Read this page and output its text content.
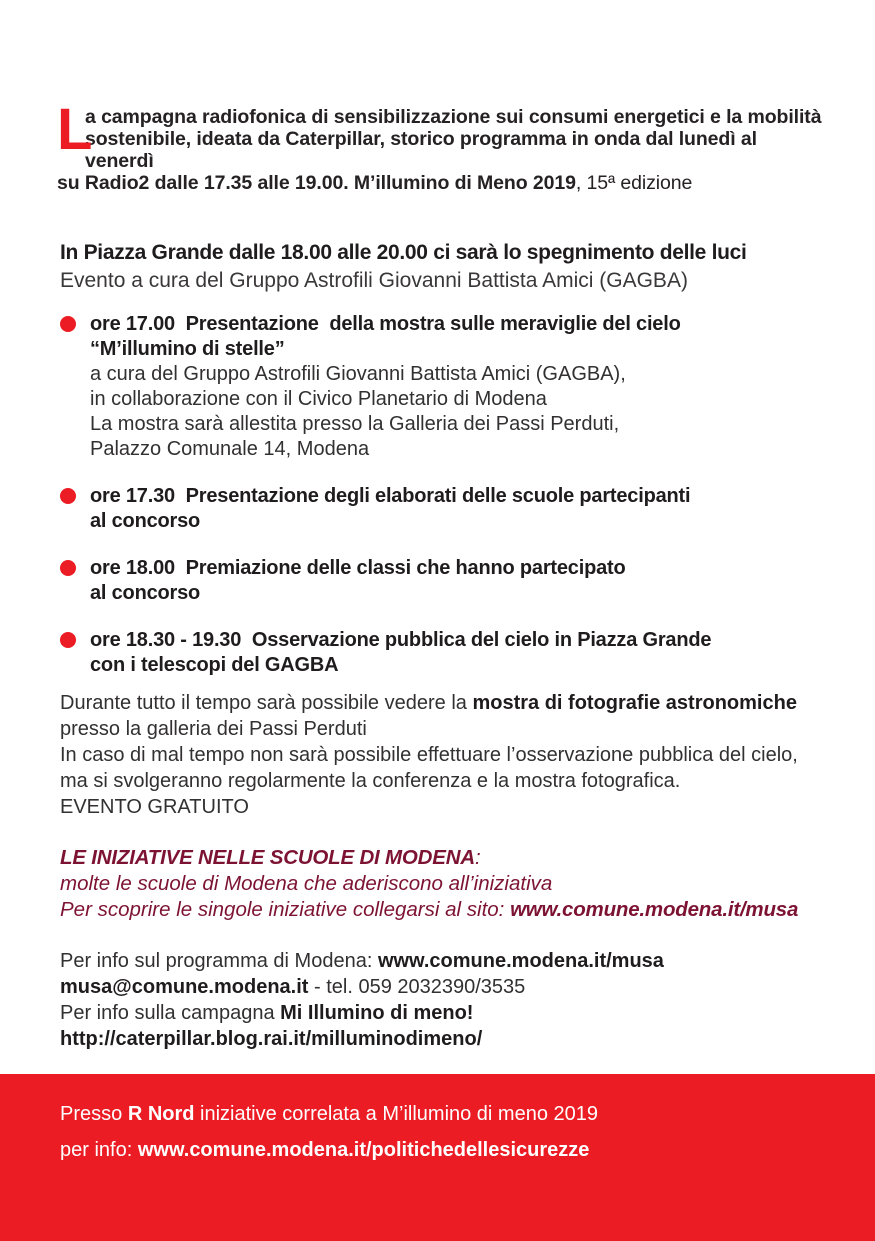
L
a campagna radiofonica di sensibilizzazione sui consumi energetici e la mobilità
sostenibile, ideata da Caterpillar, storico programma in onda dal lunedì al venerdì
su Radio2 dalle 17.35 alle 19.00. M’illumino di Meno 2019, 15ª edizione
In Piazza Grande dalle 18.00 alle 20.00 ci sarà lo spegnimento delle luci
Evento a cura del Gruppo Astrofili Giovanni Battista Amici (GAGBA)
ore 17.00  Presentazione  della mostra sulle meraviglie del cielo
“M’illumino di stelle”
a cura del Gruppo Astrofili Giovanni Battista Amici (GAGBA),
in collaborazione con il Civico Planetario di Modena
La mostra sarà allestita presso la Galleria dei Passi Perduti,
Palazzo Comunale 14, Modena
ore 17.30  Presentazione degli elaborati delle scuole partecipanti
al concorso
ore 18.00  Premiazione delle classi che hanno partecipato
al concorso
ore 18.30 - 19.30  Osservazione pubblica del cielo in Piazza Grande
con i telescopi del GAGBA
Durante tutto il tempo sarà possibile vedere la mostra di fotografie astronomiche
presso la galleria dei Passi Perduti
In caso di mal tempo non sarà possibile effettuare l’osservazione pubblica del cielo,
ma si svolgeranno regolarmente la conferenza e la mostra fotografica.
EVENTO GRATUITO
LE INIZIATIVE NELLE SCUOLE DI MODENA:
molte le scuole di Modena che aderiscono all’iniziativa
Per scoprire le singole iniziative collegarsi al sito: www.comune.modena.it/musa
Per info sul programma di Modena: www.comune.modena.it/musa
musa@comune.modena.it - tel. 059 2032390/3535
Per info sulla campagna Mi Illumino di meno!
http://caterpillar.blog.rai.it/milluminodimeno/
Presso R Nord iniziative correlata a M’illumino di meno 2019
per info: www.comune.modena.it/politichedellesicurezze
